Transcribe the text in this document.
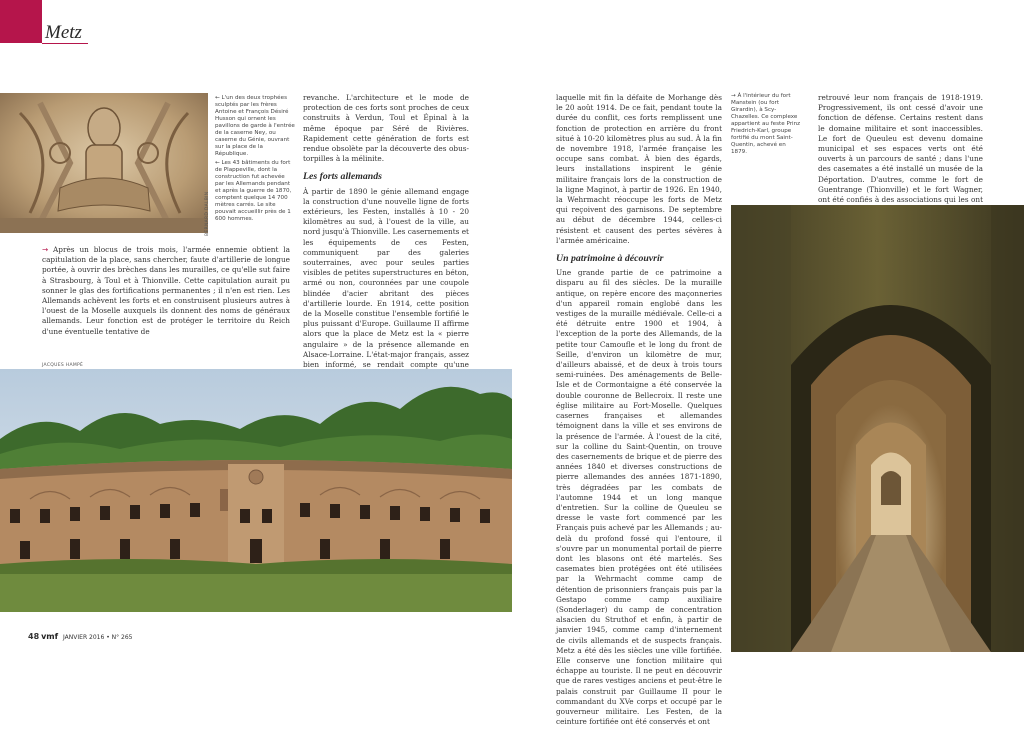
Metz
BERNARD DALBIN
← L'un des deux trophées sculptés par les frères Antoine et François Désiré Husson qui ornent les pavillons de garde à l'entrée de la caserne Ney, ou caserne du Génie, ouvrant sur la place de la République.
← Les 43 bâtiments du fort de Plappeville, dont la construction fut achevée par les Allemands pendant et après la guerre de 1870, comptent quelque 14 700 mètres carrés. Le site pouvait accueillir près de 1 600 hommes.

→ Après un blocus de trois mois, l'armée ennemie obtient la capitulation de la place, sans chercher, faute d'artillerie de longue portée, à ouvrir des brèches dans les murailles, ce qu'elle sut faire à Strasbourg, à Toul et à Thionville. Cette capitulation aurait pu sonner le glas des fortifications permanentes ; il n'en est rien. Les Allemands achèvent les forts et en construisent plusieurs autres à l'ouest de la Moselle auxquels ils donnent des noms de généraux allemands. Leur fonction est de protéger le territoire du Reich d'une éventuelle tentative de

revanche. L'architecture et le mode de protection de ces forts sont proches de ceux construits à Verdun, Toul et Épinal à la même époque par Séré de Rivières. Rapidement cette génération de forts est rendue obsolète par la découverte des obus-torpilles à la mélinite.

Les forts allemands

À partir de 1890 le génie allemand engage la construction d'une nouvelle ligne de forts extérieurs, les Festen, installés à 10 - 20 kilomètres au sud, à l'ouest de la ville, au nord jusqu'à Thionville. Les casernements et les équipements de ces Festen, communiquent par des galeries souterraines, avec pour seules parties visibles de petites superstructures en béton, armé ou non, couronnées par une coupole blindée d'acier abritant des pièces d'artillerie lourde. En 1914, cette position de la Moselle constitue l'ensemble fortifié le plus puissant d'Europe. Guillaume II affirme alors que la place de Metz est la « pierre angulaire » de la présence allemande en Alsace-Lorraine. L'état-major français, assez bien informé, se rendait compte qu'une

JACQUES HAMPÉ

laquelle mit fin la défaite de Morhange dès le 20 août 1914. De ce fait, pendant toute la durée du conflit, ces forts remplissent une fonction de protection en arrière du front situé à 10-20 kilomètres plus au sud. À la fin de novembre 1918, l'armée française les occupe sans combat. À bien des égards, leurs installations inspirent le génie militaire français lors de la construction de la ligne Maginot, à partir de 1926. En 1940, la Wehrmacht réoccupe les forts de Metz qui reçoivent des garnisons. De septembre au début de décembre 1944, celles-ci résistent et causent des pertes sévères à l'armée américaine.

Un patrimoine à découvrir

Une grande partie de ce patrimoine a disparu au fil des siècles. De la muraille antique, on repère encore des maçonneries d'un appareil romain englobé dans les vestiges de la muraille médiévale. Celle-ci a été détruite entre 1900 et 1904, à l'exception de la porte des Allemands, de la petite tour Camoufle et le long du front de Seille, d'environ un kilomètre de mur, d'ailleurs abaissé, et de deux à trois tours semi-ruinées. Des aménagements de Belle-Isle et de Cormontaigne a été conservée la double couronne de Bellecroix. Il reste une église militaire au Fort-Moselle. Quelques casernes françaises et allemandes témoignent dans la ville et ses environs de la présence de l'armée. À l'ouest de la cité, sur la colline du Saint-Quentin, on trouve des casernements de brique et de pierre des années 1840 et diverses constructions de pierre allemandes des années 1871-1890, très dégradées par les combats de l'automne 1944 et un long manque d'entretien. Sur la colline de Queuleu se dresse le vaste fort commencé par les Français puis achevé par les Allemands ; au-delà du profond fossé qui l'entoure, il s'ouvre par un monumental portail de pierre dont les blasons ont été martelés. Ses casemates bien protégées ont été utilisées par la Wehrmacht comme camp de détention de prisonniers français puis par la Gestapo comme camp auxiliaire (Sonderlager) du camp de concentration alsacien du Struthof et enfin, à partir de janvier 1945, comme camp d'internement de civils allemands et de suspects français. Metz a été dès les siècles une ville fortifiée. Elle conserve une fonction militaire qui échappe au touriste. Il ne peut en découvrir que de rares vestiges anciens et peut-être le palais construit par Guillaume II pour le commandant du XVe corps et occupé par le gouverneur militaire. Les Festen, de la ceinture fortifiée ont été conservés et ont

→ À l'intérieur du fort Manstein (ou fort Girardin), à Scy-Chazelles. Ce complexe appartient au feste Prinz Friedrich-Karl, groupe fortifié du mont Saint-Quentin, achevé en 1879.

retrouvé leur nom français de 1918-1919. Progressivement, ils ont cessé d'avoir une fonction de défense. Certains restent dans le domaine militaire et sont inaccessibles. Le fort de Queuleu est devenu domaine municipal et ses espaces verts ont été ouverts à un parcours de santé ; dans l'une des casemates a été installé un musée de la Déportation. D'autres, comme le fort de Guentrange (Thionville) et le fort Wagner, ont été confiés à des associations qui les ont

48 vmf JANVIER 2016 • N° 265
